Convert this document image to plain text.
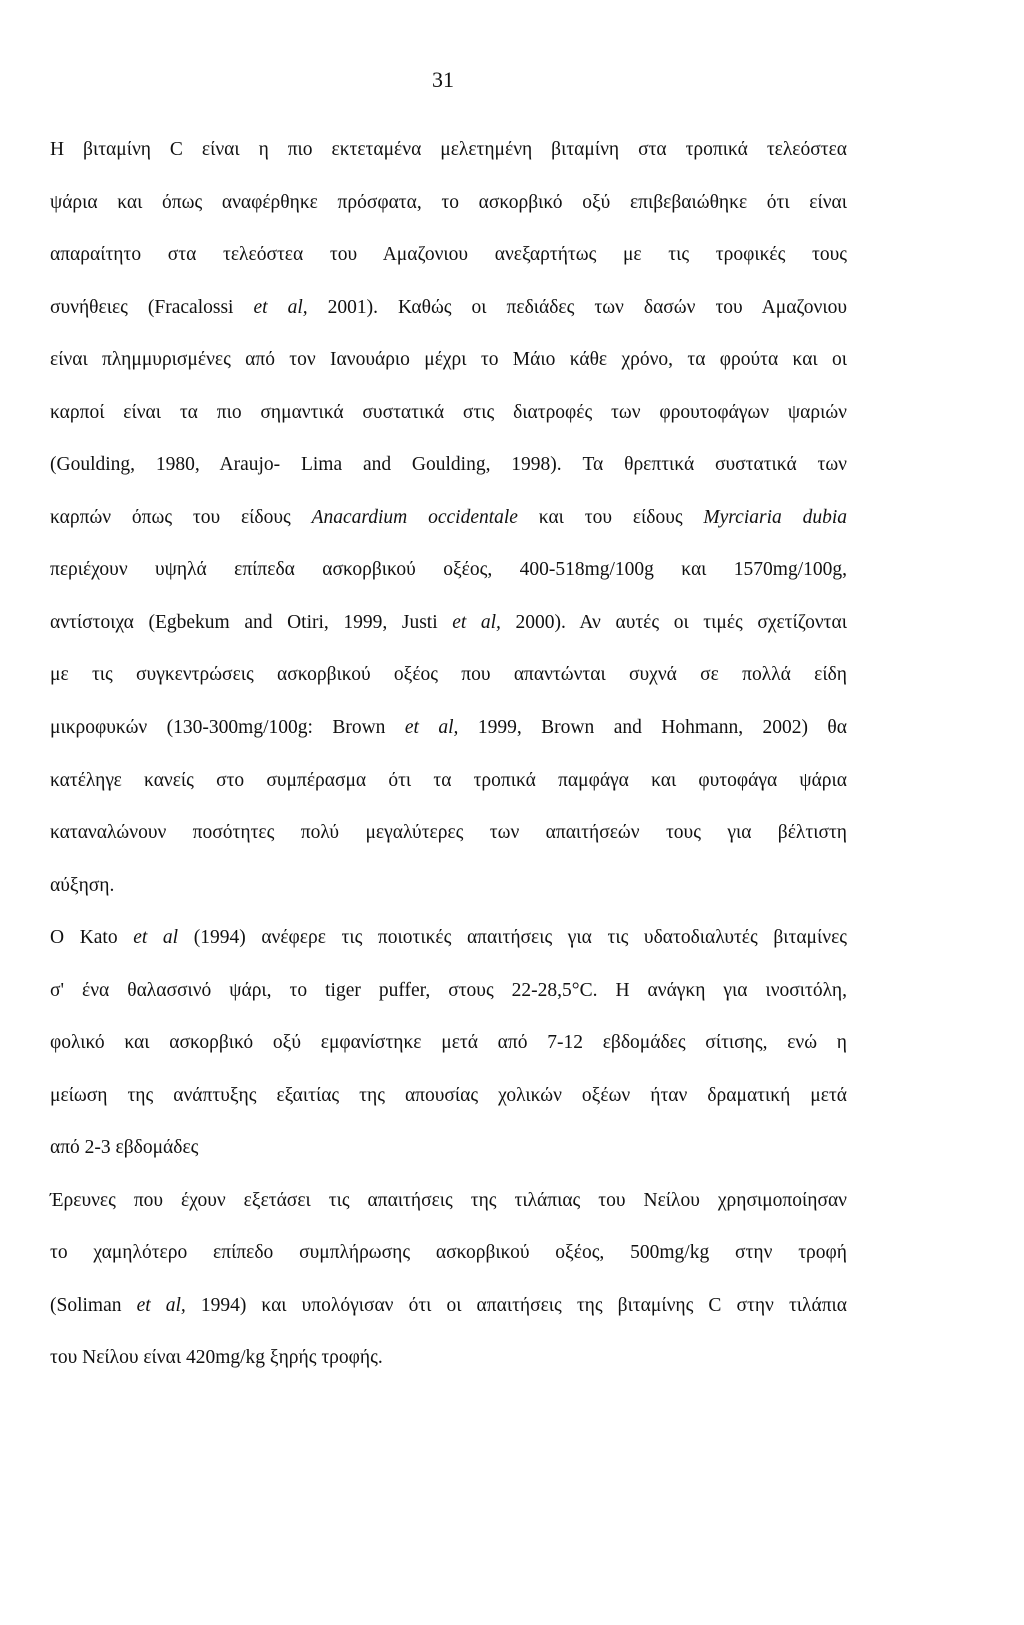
31
Η βιταμίνη C είναι η πιο εκτεταμένα μελετημένη βιταμίνη στα τροπικά τελεόστεα
ψάρια και όπως αναφέρθηκε πρόσφατα, το ασκορβικό οξύ επιβεβαιώθηκε ότι είναι
απαραίτητο στα τελεόστεα του Αμαζονιου ανεξαρτήτως με τις τροφικές τους
συνήθειες (Fracalossi et al, 2001). Καθώς οι πεδιάδες των δασών του Αμαζονιου
είναι πλημμυρισμένες από τον Ιανουάριο μέχρι το Μάιο κάθε χρόνο, τα φρούτα και οι
καρποί είναι τα πιο σημαντικά συστατικά στις διατροφές των φρουτοφάγων ψαριών
(Goulding, 1980, Araujo- Lima and Goulding, 1998). Τα θρεπτικά συστατικά των
καρπών όπως του είδους Anacardium occidentale και του είδους Myrciaria dubia
περιέχουν υψηλά επίπεδα ασκορβικού οξέος, 400-518mg/100g και 1570mg/100g,
αντίστοιχα (Egbekum and Otiri, 1999, Justi et al, 2000). Αν αυτές οι τιμές σχετίζονται
με τις συγκεντρώσεις ασκορβικού οξέος που απαντώνται συχνά σε πολλά είδη
μικροφυκών (130-300mg/100g: Brown et al, 1999, Brown and Hohmann, 2002) θα
κατέληγε κανείς στο συμπέρασμα ότι τα τροπικά παμφάγα και φυτοφάγα ψάρια
καταναλώνουν ποσότητες πολύ μεγαλύτερες των απαιτήσεών τους για βέλτιστη
αύξηση.
O Kato et al (1994) ανέφερε τις ποιοτικές απαιτήσεις για τις υδατοδιαλυτές βιταμίνες
σ' ένα θαλασσινό ψάρι, το tiger puffer, στους 22-28,5°C. Η ανάγκη για ινοσιτόλη,
φολικό και ασκορβικό οξύ εμφανίστηκε μετά από 7-12 εβδομάδες σίτισης, ενώ η
μείωση της ανάπτυξης εξαιτίας της απουσίας χολικών οξέων ήταν δραματική μετά
από 2-3 εβδομάδες
Έρευνες που έχουν εξετάσει τις απαιτήσεις της τιλάπιας του Νείλου χρησιμοποίησαν
το χαμηλότερο επίπεδο συμπλήρωσης ασκορβικού οξέος, 500mg/kg στην τροφή
(Soliman et al, 1994) και υπολόγισαν ότι οι απαιτήσεις της βιταμίνης C στην τιλάπια
του Νείλου είναι 420mg/kg ξηρής τροφής.
